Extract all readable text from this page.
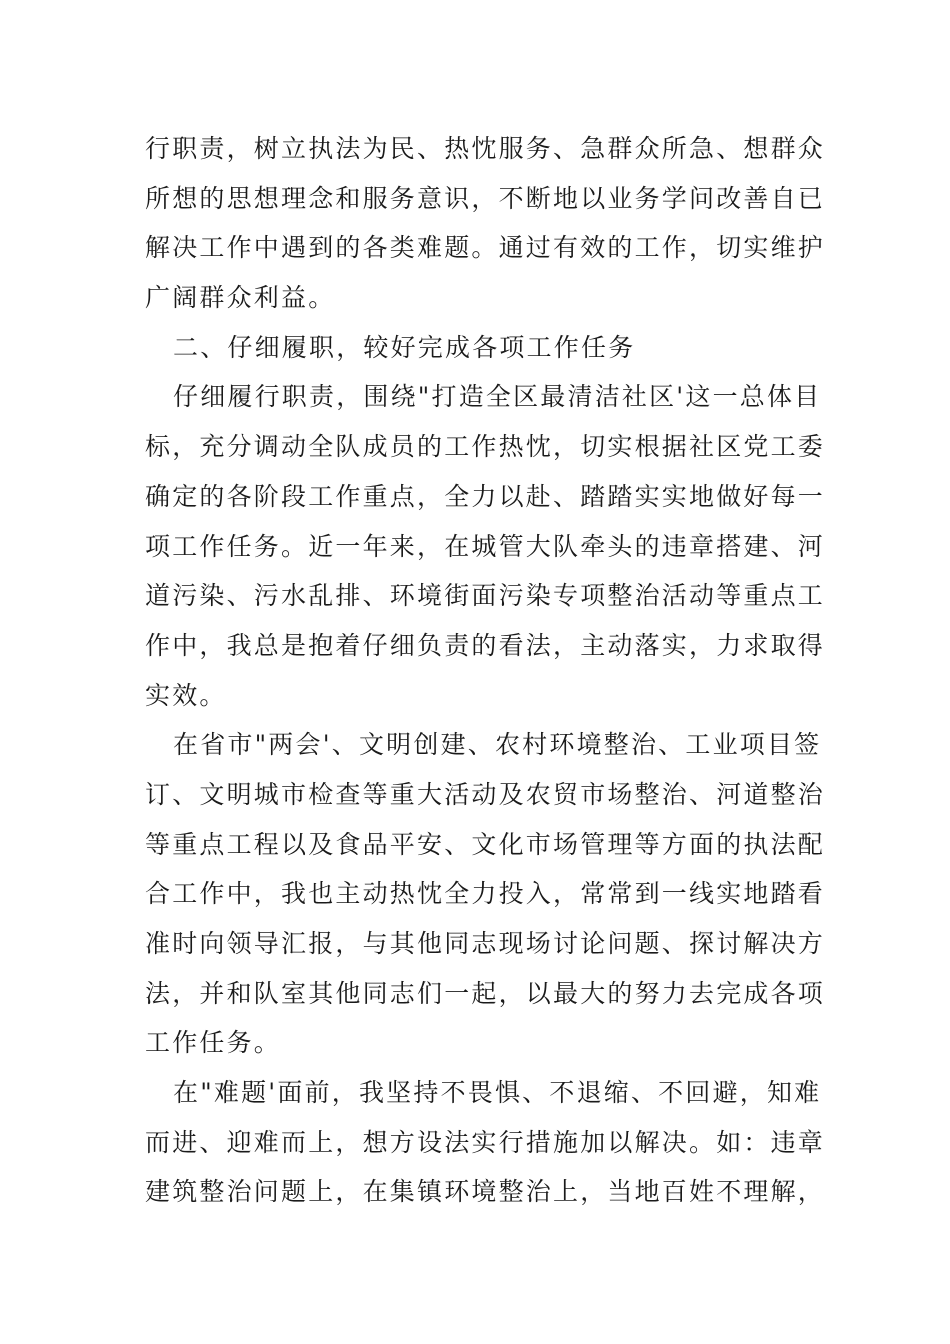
行职责，树立执法为民、热忱服务、急群众所急、想群众
所想的思想理念和服务意识，不断地以业务学问改善自已
解决工作中遇到的各类难题。通过有效的工作，切实维护
广阔群众利益。
二、仔细履职，较好完成各项工作任务
仔细履行职责，围绕"打造全区最清洁社区'这一总体目
标，充分调动全队成员的工作热忱，切实根据社区党工委
确定的各阶段工作重点，全力以赴、踏踏实实地做好每一
项工作任务。近一年来，在城管大队牵头的违章搭建、河
道污染、污水乱排、环境街面污染专项整治活动等重点工
作中，我总是抱着仔细负责的看法，主动落实，力求取得
实效。
在省市"两会'、文明创建、农村环境整治、工业项目签
订、文明城市检查等重大活动及农贸市场整治、河道整治
等重点工程以及食品平安、文化市场管理等方面的执法配
合工作中，我也主动热忱全力投入，常常到一线实地踏看
准时向领导汇报，与其他同志现场讨论问题、探讨解决方
法，并和队室其他同志们一起，以最大的努力去完成各项
工作任务。
在"难题'面前，我坚持不畏惧、不退缩、不回避，知难
而进、迎难而上，想方设法实行措施加以解决。如：违章
建筑整治问题上，在集镇环境整治上，当地百姓不理解，
